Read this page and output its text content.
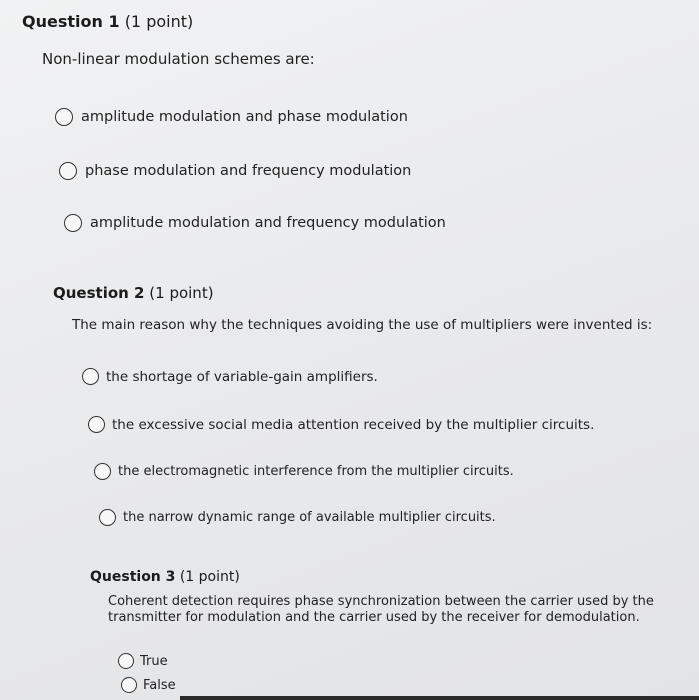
Question 1 (1 point)
Non-linear modulation schemes are:
amplitude modulation and phase modulation
phase modulation and frequency modulation
amplitude modulation and frequency modulation
Question 2 (1 point)
The main reason why the techniques avoiding the use of multipliers were invented is:
the shortage of variable-gain amplifiers.
the excessive social media attention received by the multiplier circuits.
the electromagnetic interference from the multiplier circuits.
the narrow dynamic range of available multiplier circuits.
Question 3 (1 point)
Coherent detection requires phase synchronization between the carrier used by the transmitter for modulation and the carrier used by the receiver for demodulation.
True
False
